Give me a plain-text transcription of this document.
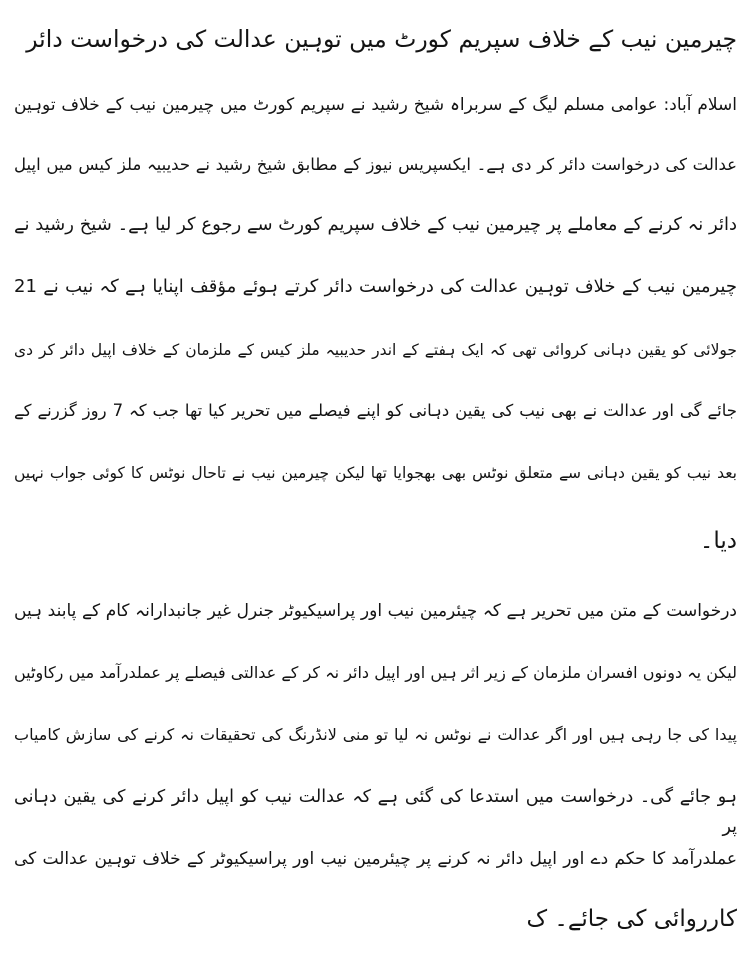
چیرمین نیب کے خلاف سپریم کورٹ میں توہین عدالت کی درخواست دائر
اسلام آباد: عوامی مسلم لیگ کے سربراہ شیخ رشید نے سپریم کورٹ میں چیرمین نیب کے خلاف توہین
عدالت کی درخواست دائر کر دی ہے۔ ایکسپریس نیوز کے مطابق شیخ رشید نے حدیبیہ ملز کیس میں اپیل
دائر نہ کرنے کے معاملے پر چیرمین نیب کے خلاف سپریم کورٹ سے رجوع کر لیا ہے۔ شیخ رشید نے
چیرمین نیب کے خلاف توہین عدالت کی درخواست دائر کرتے ہوئے مؤقف اپنایا ہے کہ نیب نے 21
جولائی کو یقین دہانی کروائی تھی کہ ایک ہفتے کے اندر حدیبیہ ملز کیس کے ملزمان کے خلاف اپیل دائر کر دی
جائے گی اور عدالت نے بھی نیب کی یقین دہانی کو اپنے فیصلے میں تحریر کیا تھا جب کہ 7 روز گزرنے کے
بعد نیب کو یقین دہانی سے متعلق نوٹس بھی بھجوایا تھا لیکن چیرمین نیب نے تاحال نوٹس کا کوئی جواب نہیں
دیا۔
درخواست کے متن میں تحریر ہے کہ چیئرمین نیب اور پراسیکیوٹر جنرل غیر جانبدارانہ کام کے پابند ہیں
لیکن یہ دونوں افسران ملزمان کے زیر اثر ہیں اور اپیل دائر نہ کر کے عدالتی فیصلے پر عملدرآمد میں رکاوٹیں
پیدا کی جا رہی ہیں اور اگر عدالت نے نوٹس نہ لیا تو منی لانڈرنگ کی تحقیقات نہ کرنے کی سازش کامیاب
ہو جائے گی۔ درخواست میں استدعا کی گئی ہے کہ عدالت نیب کو اپیل دائر کرنے کی یقین دہانی پر
عملدرآمد کا حکم دے اور اپیل دائر نہ کرنے پر چیئرمین نیب اور پراسیکیوٹر کے خلاف توہین عدالت کی
کارروائی کی جائے۔ ک
